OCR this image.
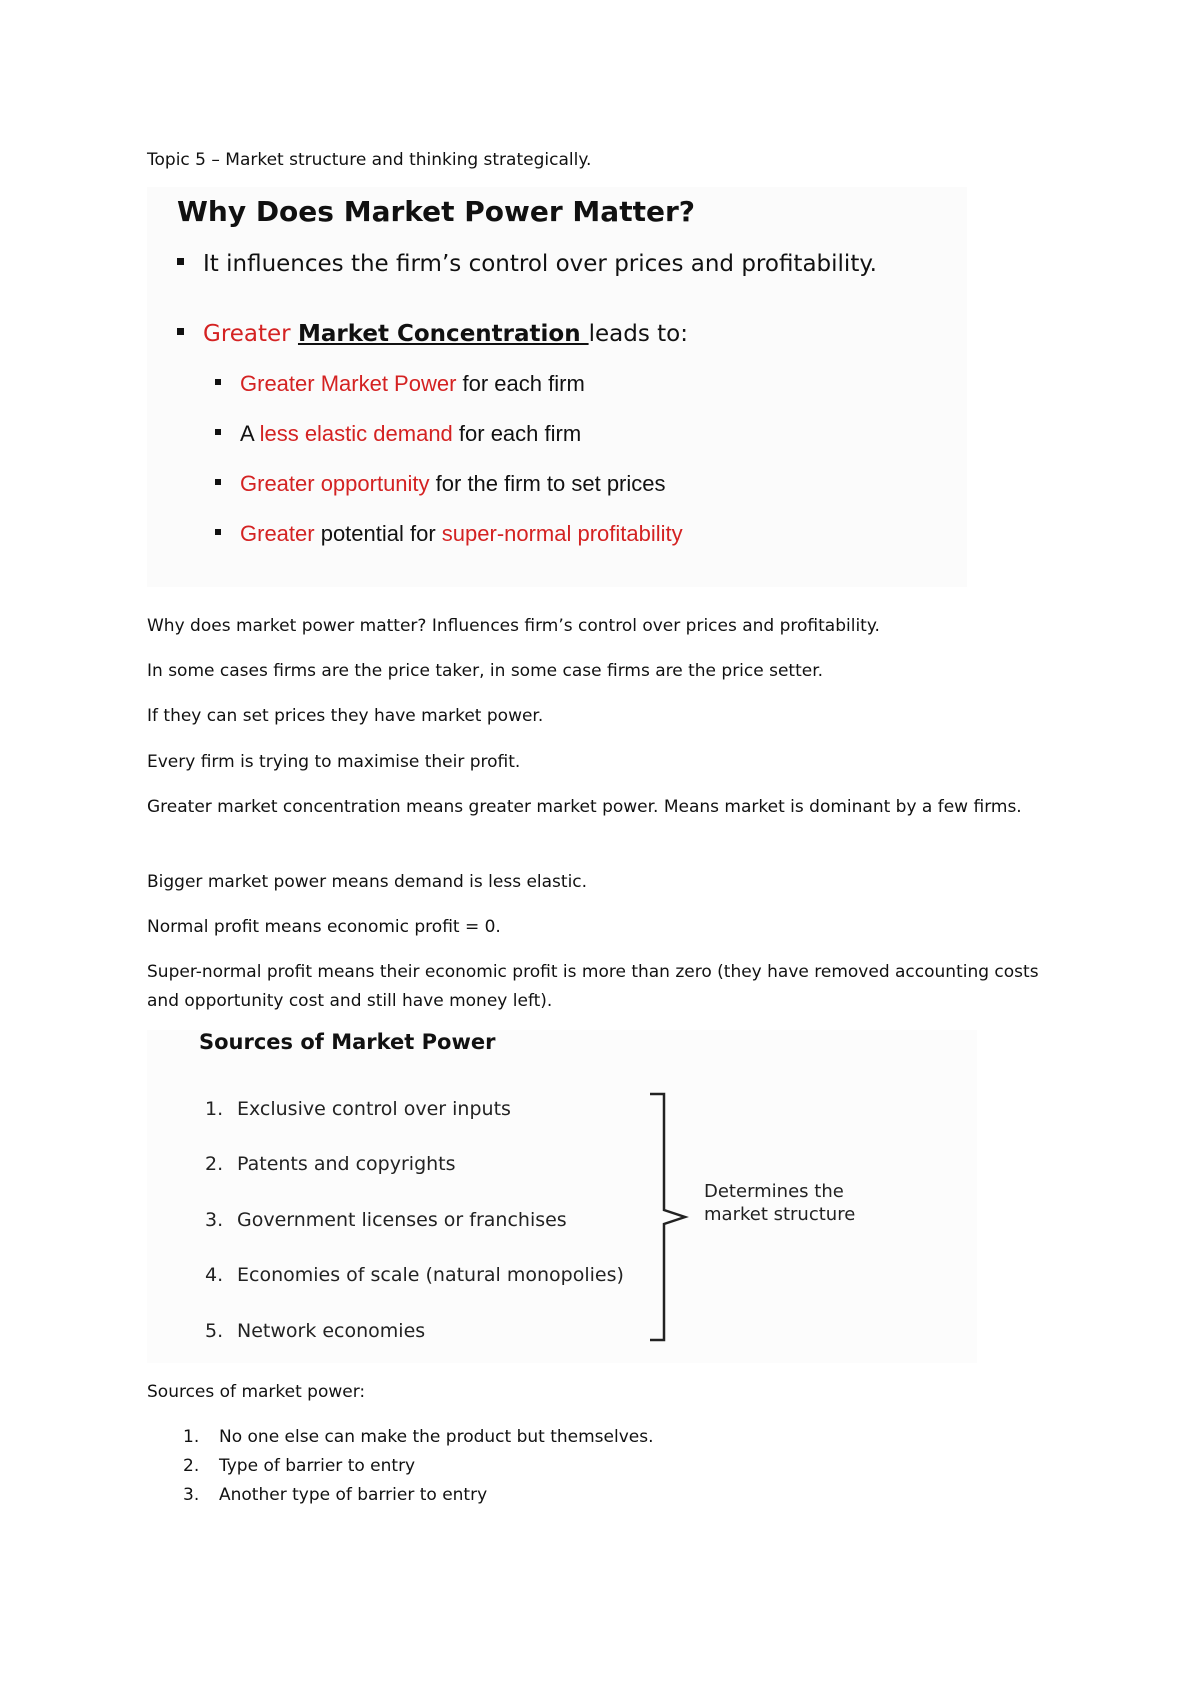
Topic 5 – Market structure and thinking strategically.
Why Does Market Power Matter?
It influences the firm’s control over prices and profitability.
Greater Market Concentration leads to:
Greater Market Power for each firm
A less elastic demand for each firm
Greater opportunity for the firm to set prices
Greater potential for super-normal profitability
Why does market power matter? Influences firm’s control over prices and profitability.
In some cases firms are the price taker, in some case firms are the price setter.
If they can set prices they have market power.
Every firm is trying to maximise their profit.
Greater market concentration means greater market power. Means market is dominant by a few firms.
Bigger market power means demand is less elastic.
Normal profit means economic profit = 0.
Super-normal profit means their economic profit is more than zero (they have removed accounting costs and opportunity cost and still have money left).
Sources of Market Power
1. Exclusive control over inputs
2. Patents and copyrights
3. Government licenses or franchises
4. Economies of scale (natural monopolies)
5. Network economies
Determines the
market structure
Sources of market power:
1. No one else can make the product but themselves.
2. Type of barrier to entry
3. Another type of barrier to entry
